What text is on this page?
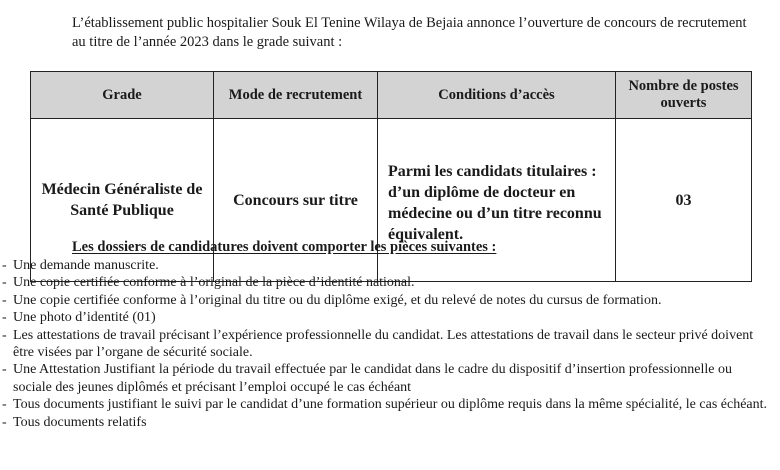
L’établissement public hospitalier Souk El Tenine Wilaya de Bejaia annonce l’ouverture de concours de recrutement au titre de l’année 2023 dans le grade suivant :

Grade	Mode de recrutement	Conditions d’accès	Nombre de postes ouverts
Médecin Généraliste de Santé Publique	Concours sur titre	Parmi les candidats titulaires : d’un diplôme de docteur en médecine ou d’un titre reconnu équivalent.	03
Les dossiers de candidatures doivent comporter les pièces suivantes :
- Une demande manuscrite.
- Une copie certifiée conforme à l’original de la pièce d’identité national.
- Une copie certifiée conforme à l’original du titre ou du diplôme exigé, et du relevé de notes du cursus de formation.
- Une photo d’identité (01)
- Les attestations de travail précisant l’expérience professionnelle du candidat. Les attestations de travail dans le secteur privé doivent être visées par l’organe de sécurité sociale.
- Une Attestation Justifiant la période du travail effectuée par le candidat dans le cadre du dispositif d’insertion professionnelle ou sociale des jeunes diplômés et précisant l’emploi occupé le cas échéant
- Tous documents justifiant le suivi par le candidat d’une formation supérieur ou diplôme requis dans la même spécialité, le cas échéant.
- Tous documents relatifs
